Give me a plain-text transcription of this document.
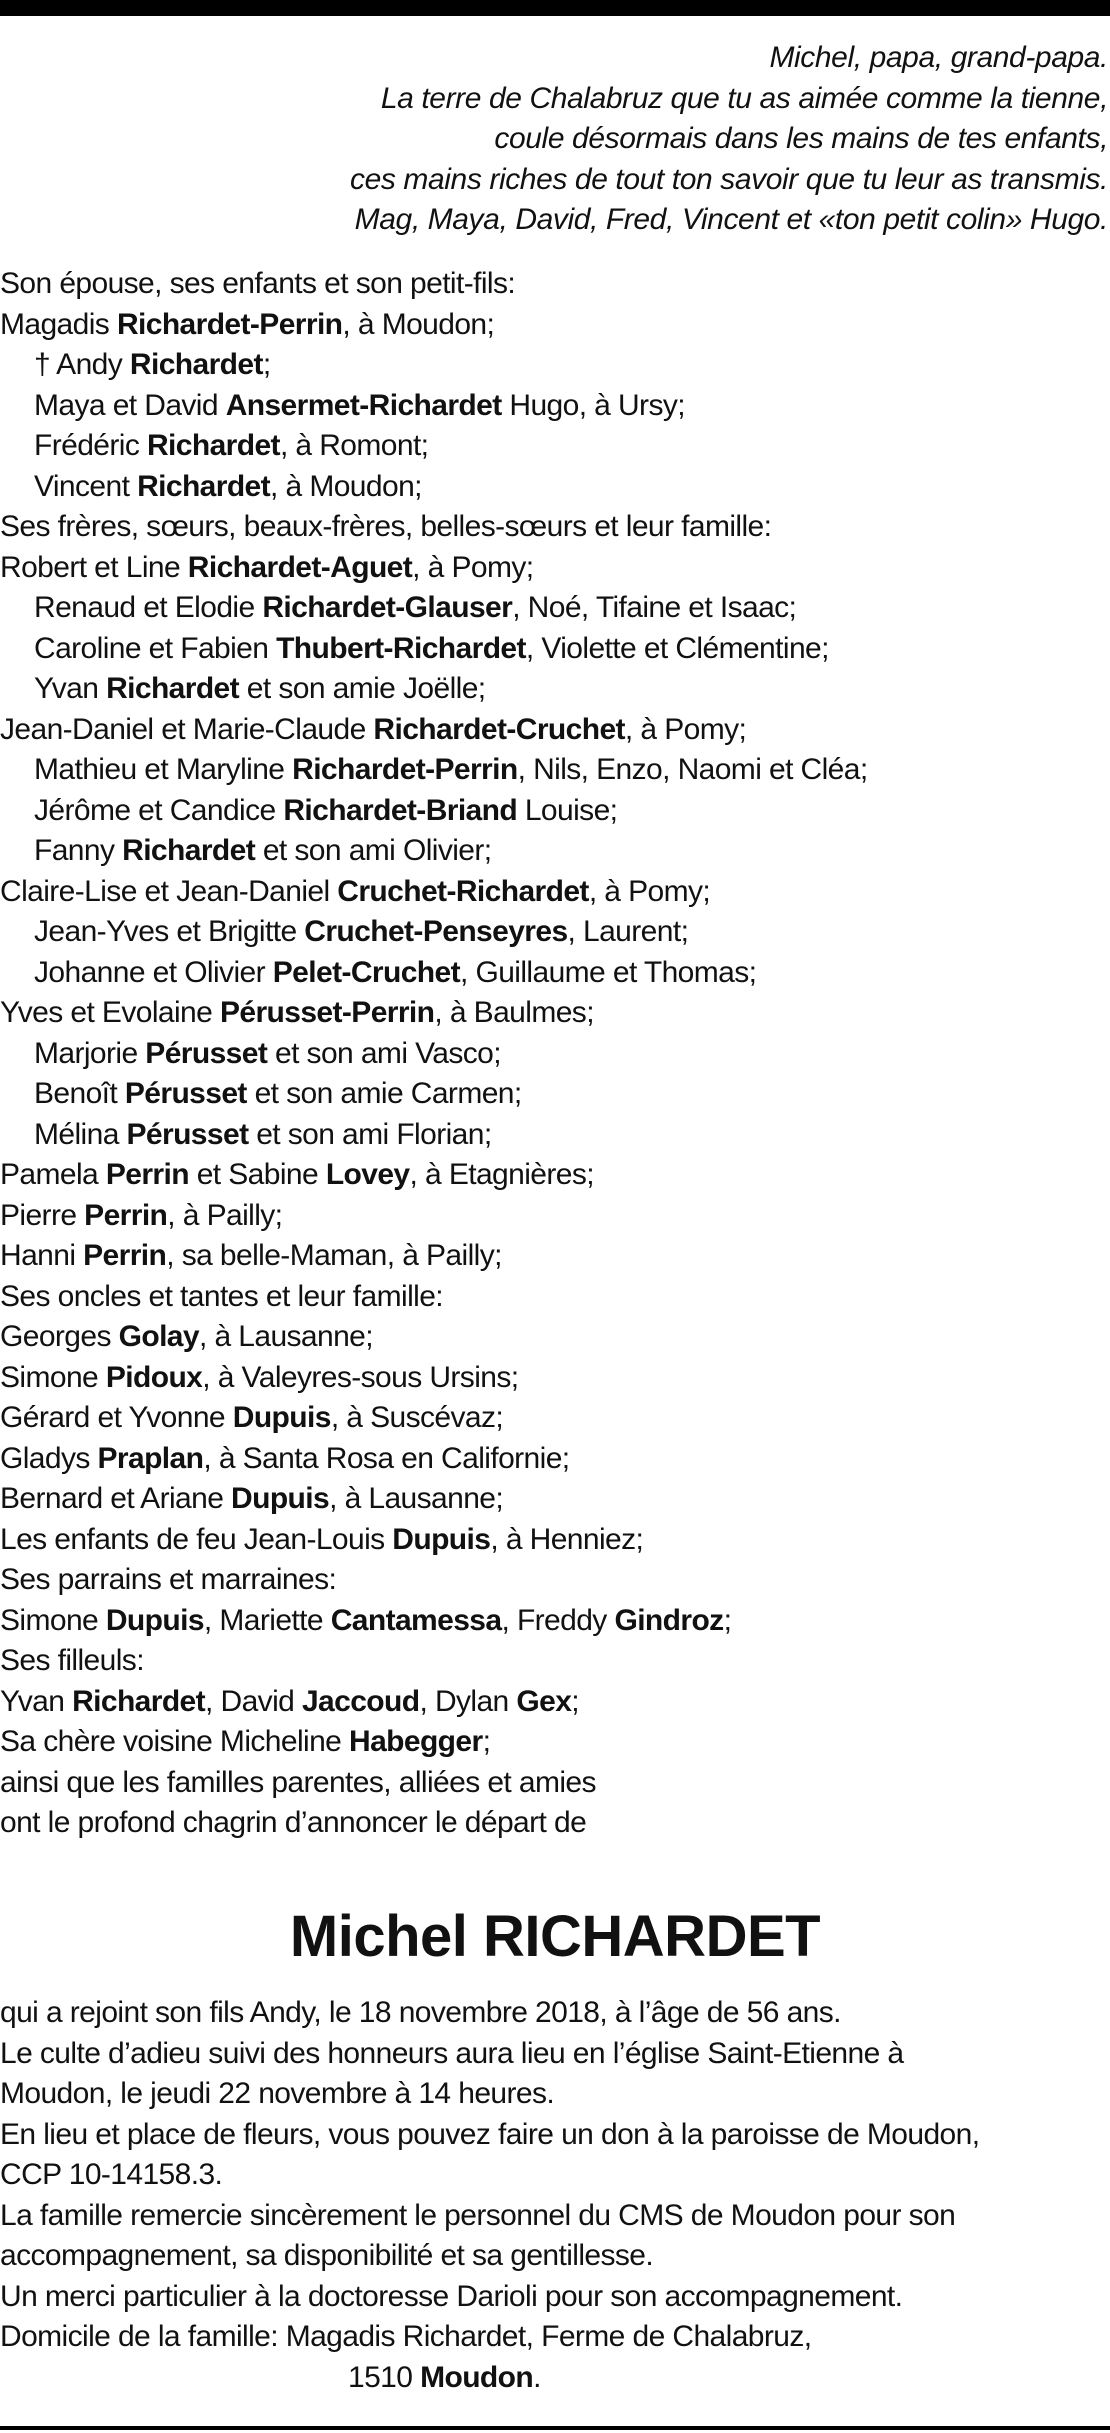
Michel, papa, grand-papa.
La terre de Chalabruz que tu as aimée comme la tienne,
coule désormais dans les mains de tes enfants,
ces mains riches de tout ton savoir que tu leur as transmis.
Mag, Maya, David, Fred, Vincent et «ton petit colin» Hugo.
Son épouse, ses enfants et son petit-fils:
Magadis Richardet-Perrin, à Moudon;
† Andy Richardet;
Maya et David Ansermet-Richardet Hugo, à Ursy;
Frédéric Richardet, à Romont;
Vincent Richardet, à Moudon;
Ses frères, sœurs, beaux-frères, belles-sœurs et leur famille:
Robert et Line Richardet-Aguet, à Pomy;
Renaud et Elodie Richardet-Glauser, Noé, Tifaine et Isaac;
Caroline et Fabien Thubert-Richardet, Violette et Clémentine;
Yvan Richardet et son amie Joëlle;
Jean-Daniel et Marie-Claude Richardet-Cruchet, à Pomy;
Mathieu et Maryline Richardet-Perrin, Nils, Enzo, Naomi et Cléa;
Jérôme et Candice Richardet-Briand Louise;
Fanny Richardet et son ami Olivier;
Claire-Lise et Jean-Daniel Cruchet-Richardet, à Pomy;
Jean-Yves et Brigitte Cruchet-Penseyres, Laurent;
Johanne et Olivier Pelet-Cruchet, Guillaume et Thomas;
Yves et Evolaine Pérusset-Perrin, à Baulmes;
Marjorie Pérusset et son ami Vasco;
Benoît Pérusset et son amie Carmen;
Mélina Pérusset et son ami Florian;
Pamela Perrin et Sabine Lovey, à Etagnières;
Pierre Perrin, à Pailly;
Hanni Perrin, sa belle-Maman, à Pailly;
Ses oncles et tantes et leur famille:
Georges Golay, à Lausanne;
Simone Pidoux, à Valeyres-sous Ursins;
Gérard et Yvonne Dupuis, à Suscévaz;
Gladys Praplan, à Santa Rosa en Californie;
Bernard et Ariane Dupuis, à Lausanne;
Les enfants de feu Jean-Louis Dupuis, à Henniez;
Ses parrains et marraines:
Simone Dupuis, Mariette Cantamessa, Freddy Gindroz;
Ses filleuls:
Yvan Richardet, David Jaccoud, Dylan Gex;
Sa chère voisine Micheline Habegger;
ainsi que les familles parentes, alliées et amies
ont le profond chagrin d’annoncer le départ de
Michel RICHARDET
qui a rejoint son fils Andy, le 18 novembre 2018, à l’âge de 56 ans.
Le culte d’adieu suivi des honneurs aura lieu en l’église Saint-Etienne à
Moudon, le jeudi 22 novembre à 14 heures.
En lieu et place de fleurs, vous pouvez faire un don à la paroisse de Moudon,
CCP 10-14158.3.
La famille remercie sincèrement le personnel du CMS de Moudon pour son
accompagnement, sa disponibilité et sa gentillesse.
Un merci particulier à la doctoresse Darioli pour son accompagnement.
Domicile de la famille: Magadis Richardet, Ferme de Chalabruz,
1510 Moudon.
